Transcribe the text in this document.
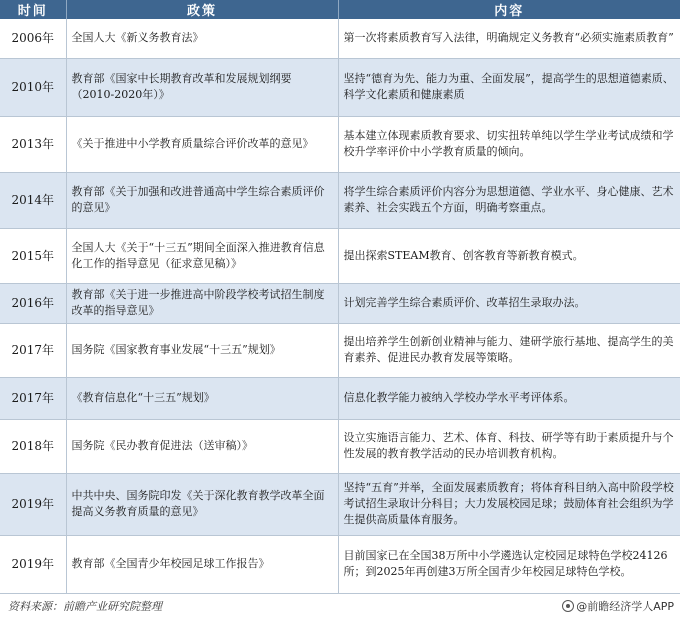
时间	政策	内容
2006年	全国人大《新义务教育法》	第一次将素质教育写入法律，明确规定义务教育“必须实施素质教育”
2010年	教育部《国家中长期教育改革和发展规划纲要（2010-2020年）》	坚持“德育为先、能力为重、全面发展”，提高学生的思想道德素质、科学文化素质和健康素质
2013年	《关于推进中小学教育质量综合评价改革的意见》	基本建立体现素质教育要求、切实扭转单纯以学生学业考试成绩和学校升学率评价中小学教育质量的倾向。
2014年	教育部《关于加强和改进普通高中学生综合素质评价的意见》	将学生综合素质评价内容分为思想道德、学业水平、身心健康、艺术素养、社会实践五个方面，明确考察重点。
2015年	全国人大《关于“十三五”期间全面深入推进教育信息化工作的指导意见（征求意见稿）》	提出探索STEAM教育、创客教育等新教育模式。
2016年	教育部《关于进一步推进高中阶段学校考试招生制度改革的指导意见》	计划完善学生综合素质评价、改革招生录取办法。
2017年	国务院《国家教育事业发展“十三五”规划》	提出培养学生创新创业精神与能力、建研学旅行基地、提高学生的美育素养、促进民办教育发展等策略。
2017年	《教育信息化“十三五”规划》	信息化教学能力被纳入学校办学水平考评体系。
2018年	国务院《民办教育促进法（送审稿）》	设立实施语言能力、艺术、体育、科技、研学等有助于素质提升与个性发展的教育教学活动的民办培训教育机构。
2019年	中共中央、国务院印发《关于深化教育教学改革全面提高义务教育质量的意见》	坚持“五育”并举，全面发展素质教育；将体育科目纳入高中阶段学校考试招生录取计分科目；大力发展校园足球；鼓励体育社会组织为学生提供高质量体育服务。
2019年	教育部《全国青少年校园足球工作报告》	目前国家已在全国38万所中小学遴选认定校园足球特色学校24126所；到2025年再创建3万所全国青少年校园足球特色学校。
资料来源：前瞻产业研究院整理	@前瞻经济学人APP
